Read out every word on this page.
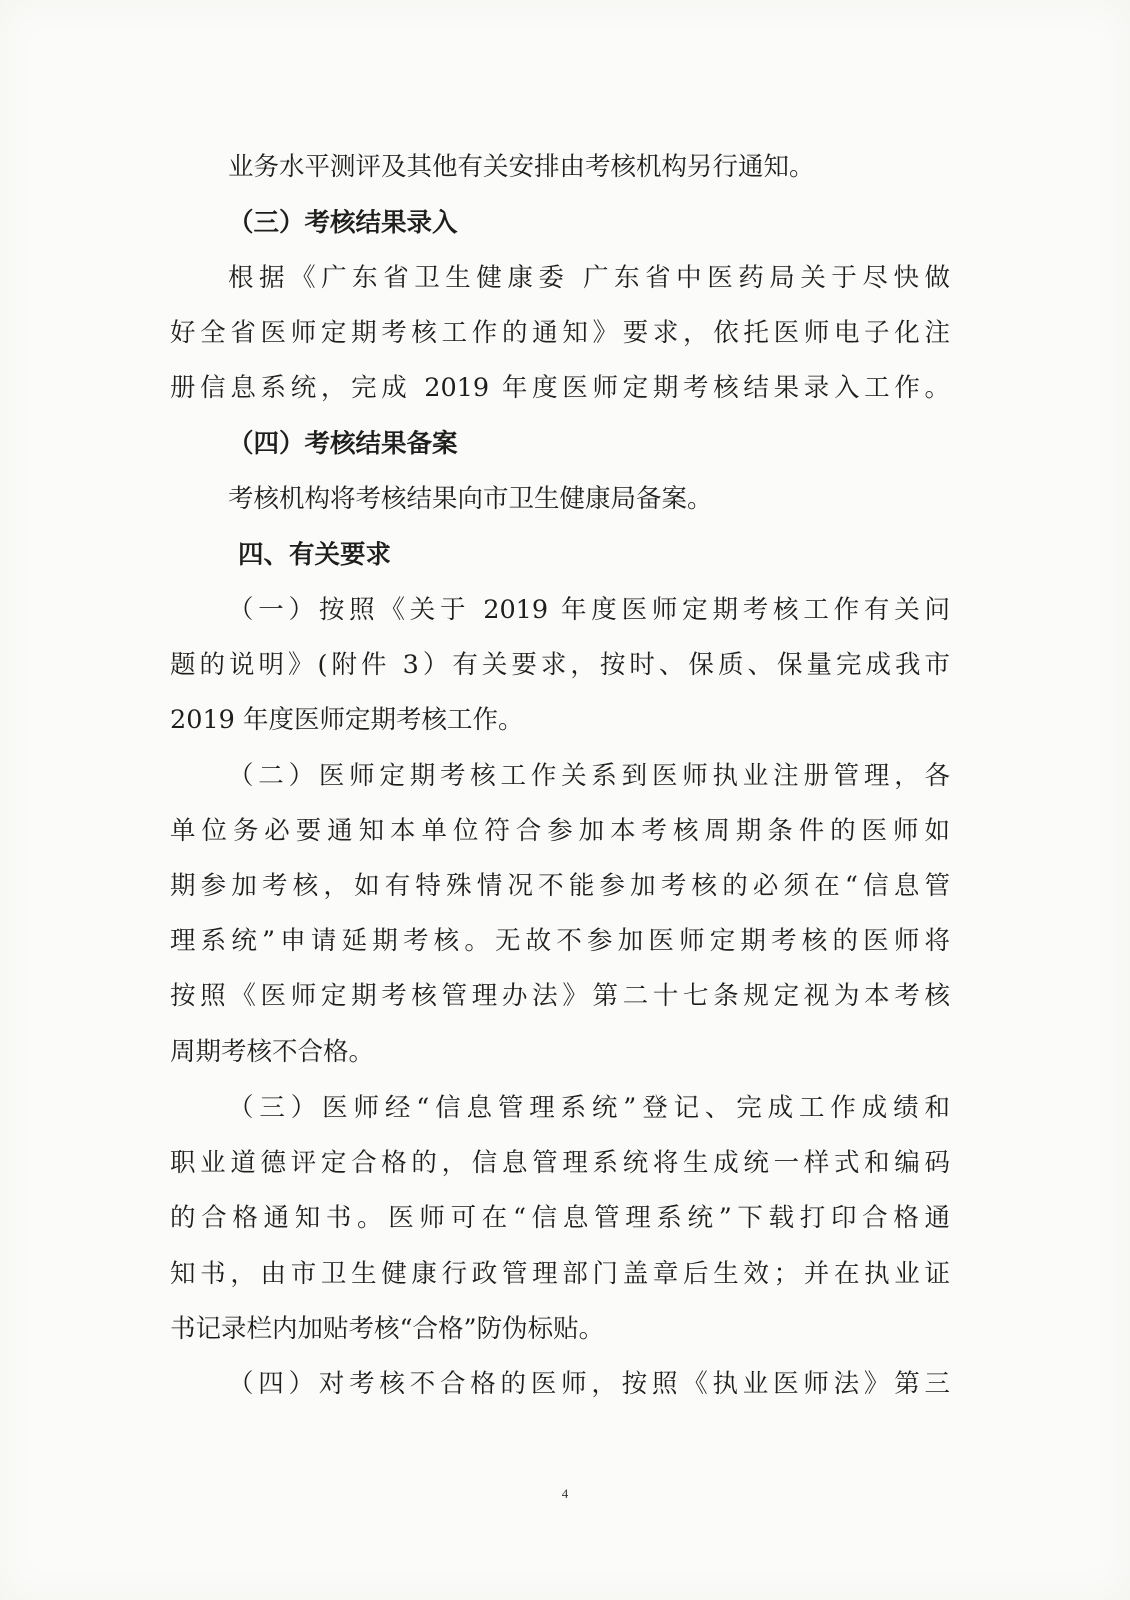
业务水平测评及其他有关安排由考核机构另行通知。
（三）考核结果录入
根据《广东省卫生健康委 广东省中医药局关于尽快做
好全省医师定期考核工作的通知》要求，依托医师电子化注
册信息系统，完成 2019 年度医师定期考核结果录入工作。
（四）考核结果备案
考核机构将考核结果向市卫生健康局备案。
四、有关要求
（一）按照《关于 2019 年度医师定期考核工作有关问
题的说明》(附件 3）有关要求，按时、保质、保量完成我市
2019 年度医师定期考核工作。
（二）医师定期考核工作关系到医师执业注册管理，各
单位务必要通知本单位符合参加本考核周期条件的医师如
期参加考核，如有特殊情况不能参加考核的必须在“信息管
理系统”申请延期考核。无故不参加医师定期考核的医师将
按照《医师定期考核管理办法》第二十七条规定视为本考核
周期考核不合格。
（三）医师经“信息管理系统”登记、完成工作成绩和
职业道德评定合格的，信息管理系统将生成统一样式和编码
的合格通知书。医师可在“信息管理系统”下载打印合格通
知书，由市卫生健康行政管理部门盖章后生效；并在执业证
书记录栏内加贴考核“合格”防伪标贴。
（四）对考核不合格的医师，按照《执业医师法》第三
4
